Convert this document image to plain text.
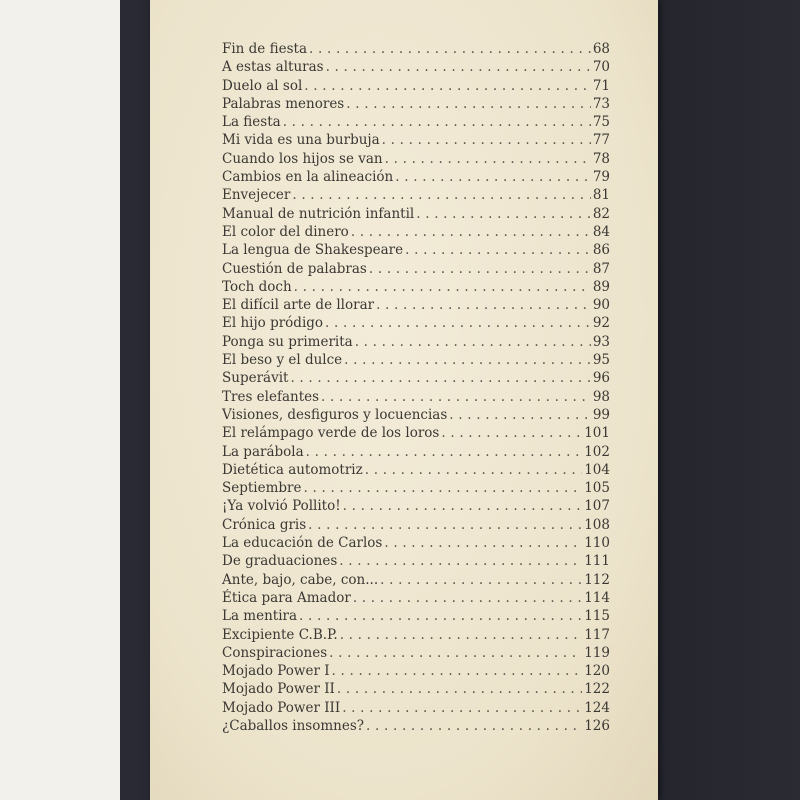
Fin de fiesta . . .	68
A estas alturas . . .	70
Duelo al sol . . .	71
Palabras menores . . .	73
La fiesta . . .	75
Mi vida es una burbuja . . .	77
Cuando los hijos se van . . .	78
Cambios en la alineación . . .	79
Envejecer . . .	81
Manual de nutrición infantil . . .	82
El color del dinero . . .	84
La lengua de Shakespeare . . .	86
Cuestión de palabras . . .	87
Toch doch . . .	89
El difícil arte de llorar . . .	90
El hijo pródigo . . .	92
Ponga su primerita . . .	93
El beso y el dulce . . .	95
Superávit . . .	96
Tres elefantes . . .	98
Visiones, desfiguros y locuencias . . .	99
El relámpago verde de los loros . . .	101
La parábola . . .	102
Dietética automotriz . . .	104
Septiembre . . .	105
¡Ya volvió Pollito! . . .	107
Crónica gris . . .	108
La educación de Carlos . . .	110
De graduaciones . . .	111
Ante, bajo, cabe, con... . . .	112
Ética para Amador . . .	114
La mentira . . .	115
Excipiente C.B.P. . . .	117
Conspiraciones . . .	119
Mojado Power I . . .	120
Mojado Power II . . .	122
Mojado Power III . . .	124
¿Caballos insomnes? . . .	126
